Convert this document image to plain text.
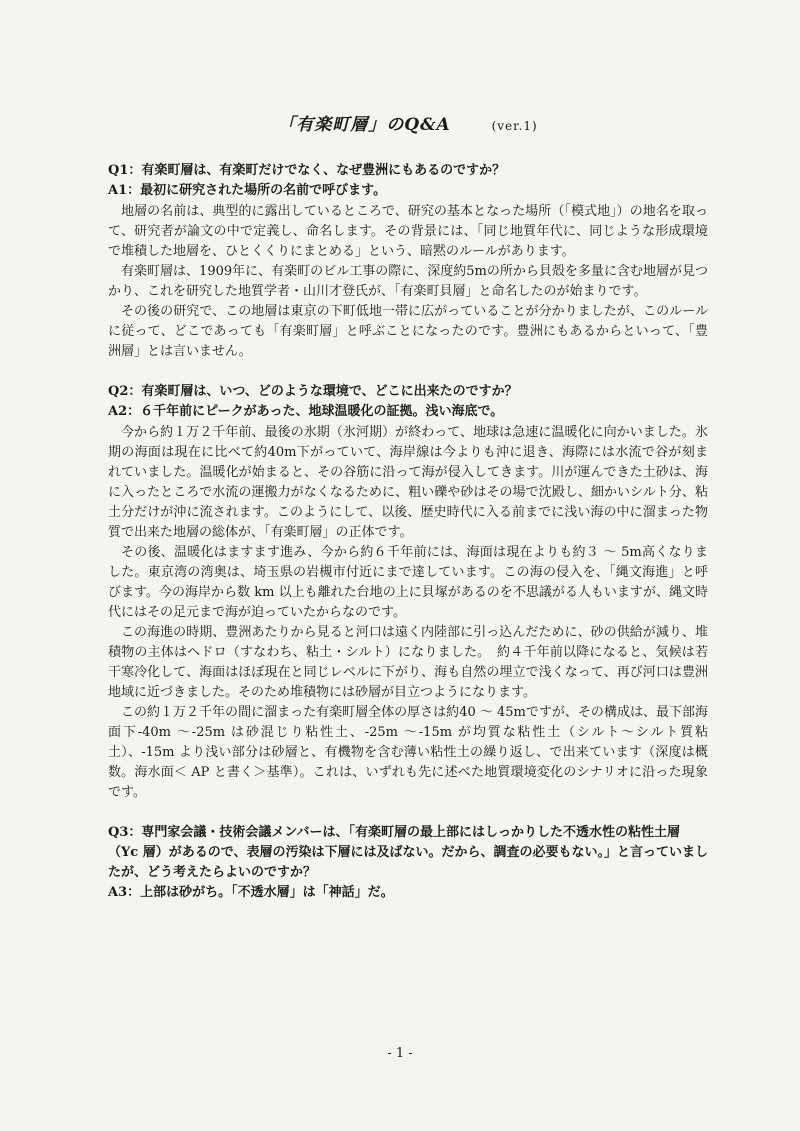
「有楽町層」のQ&A	(ver.1)

Q1：有楽町層は、有楽町だけでなく、なぜ豊洲にもあるのですか？

A1：最初に研究された場所の名前で呼びます。

地層の名前は、典型的に露出しているところで、研究の基本となった場所（「模式地」）の地名を取って、研究者が論文の中で定義し、命名します。その背景には、「同じ地質年代に、同じような形成環境で堆積した地層を、ひとくくりにまとめる」という、暗黙のルールがあります。

有楽町層は、1909年に、有楽町のビル工事の際に、深度約5mの所から貝殻を多量に含む地層が見つかり、これを研究した地質学者・山川才登氏が、「有楽町貝層」と命名したのが始まりです。

その後の研究で、この地層は東京の下町低地一帯に広がっていることが分かりましたが、このルールに従って、どこであっても「有楽町層」と呼ぶことになったのです。豊洲にもあるからといって、「豊洲層」とは言いません。

Q2：有楽町層は、いつ、どのような環境で、どこに出来たのですか？

A2：６千年前にピークがあった、地球温暖化の証拠。浅い海底で。

今から約１万２千年前、最後の氷期（氷河期）が終わって、地球は急速に温暖化に向かいました。氷期の海面は現在に比べて約40m下がっていて、海岸線は今よりも沖に退き、海際には水流で谷が刻まれていました。温暖化が始まると、その谷筋に沿って海が侵入してきます。川が運んできた土砂は、海に入ったところで水流の運搬力がなくなるために、粗い礫や砂はその場で沈殿し、細かいシルト分、粘土分だけが沖に流されます。このようにして、以後、歴史時代に入る前までに浅い海の中に溜まった物質で出来た地層の総体が、「有楽町層」の正体です。

その後、温暖化はますます進み、今から約６千年前には、海面は現在よりも約３ ～ 5m高くなりました。東京湾の湾奥は、埼玉県の岩槻市付近にまで達しています。この海の侵入を、「縄文海進」と呼びます。今の海岸から数 km 以上も離れた台地の上に貝塚があるのを不思議がる人もいますが、縄文時代にはその足元まで海が迫っていたからなのです。

この海進の時期、豊洲あたりから見ると河口は遠く内陸部に引っ込んだために、砂の供給が減り、堆積物の主体はヘドロ（すなわち、粘土・シルト）になりました。　約４千年前以降になると、気候は若干寒冷化して、海面はほぼ現在と同じレベルに下がり、海も自然の埋立で浅くなって、再び河口は豊洲地域に近づきました。そのため堆積物には砂層が目立つようになります。

この約１万２千年の間に溜まった有楽町層全体の厚さは約40 ～ 45mですが、その構成は、最下部海面下-40m ～-25m は砂混じり粘性土、-25m ～-15m が均質な粘性土（シルト～シルト質粘土）、-15m より浅い部分は砂層と、有機物を含む薄い粘性土の繰り返し、で出来ています（深度は概数。海水面＜ AP と書く＞基準）。これは、いずれも先に述べた地質環境変化のシナリオに沿った現象です。

Q3：専門家会議・技術会議メンバーは、「有楽町層の最上部にはしっかりした不透水性の粘性土層（Yc 層）があるので、表層の汚染は下層には及ばない。だから、調査の必要もない。」と言っていましたが、どう考えたらよいのですか？

A3：上部は砂がち。「不透水層」は「神話」だ。

- 1 -
